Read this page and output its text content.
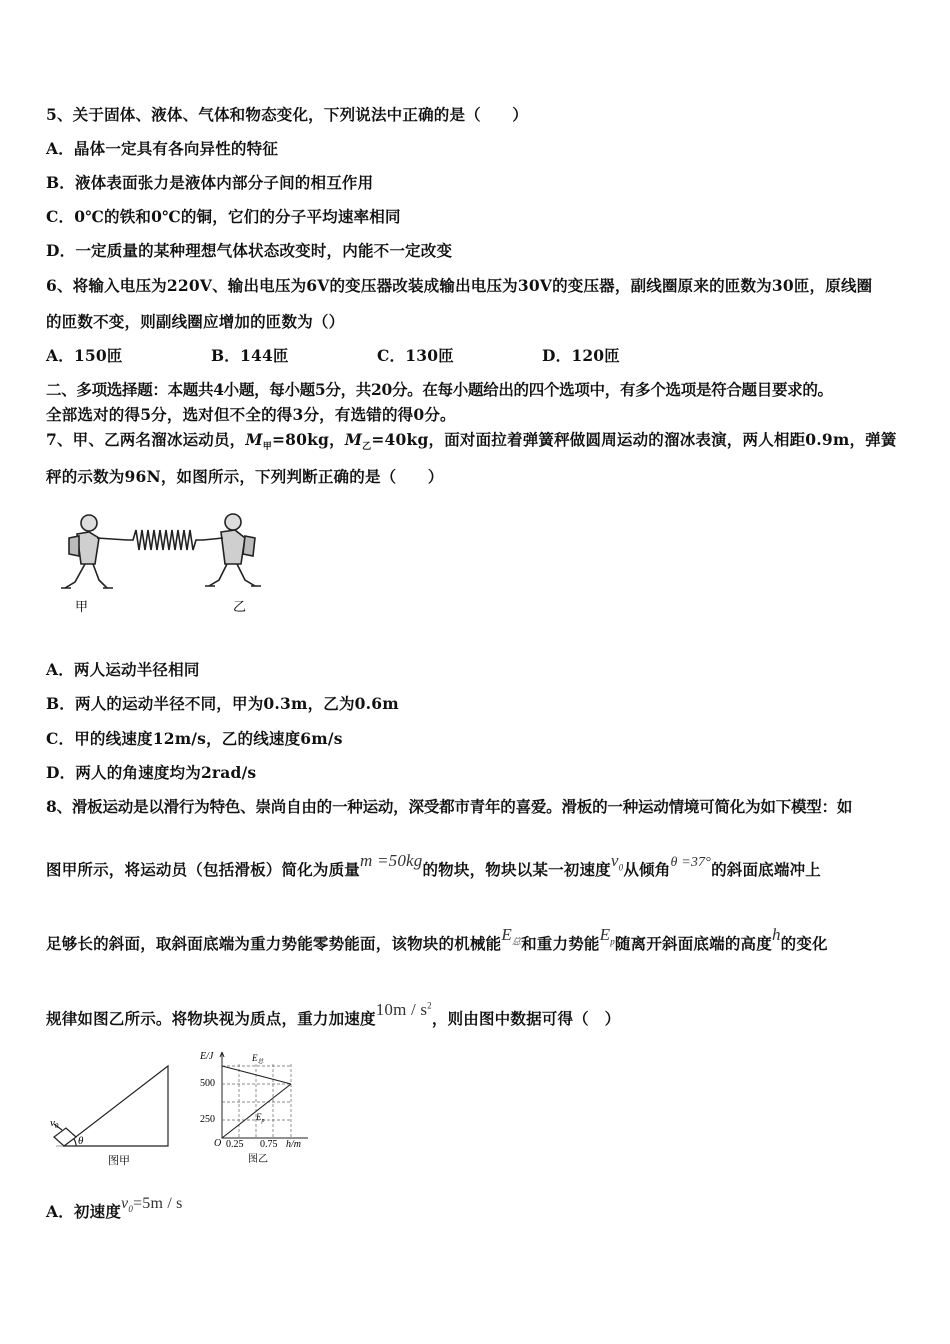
5、关于固体、液体、气体和物态变化，下列说法中正确的是（　　）
A．晶体一定具有各向异性的特征
B．液体表面张力是液体内部分子间的相互作用
C．0℃的铁和0℃的铜，它们的分子平均速率相同
D．一定质量的某种理想气体状态改变时，内能不一定改变
6、将输入电压为220V、输出电压为6V的变压器改装成输出电压为30V的变压器，副线圈原来的匝数为30匝，原线圈
的匝数不变，则副线圈应增加的匝数为（）
A．150匝	B．144匝	C．130匝	D．120匝
二、多项选择题：本题共4小题，每小题5分，共20分。在每小题给出的四个选项中，有多个选项是符合题目要求的。
全部选对的得5分，选对但不全的得3分，有选错的得0分。
7、甲、乙两名溜冰运动员，$M_甲=80kg$，$M_乙=40kg$，面对面拉着弹簧秤做圆周运动的溜冰表演，两人相距0.9m，弹簧
秤的示数为96N，如图所示，下列判断正确的是（　　）
甲	乙
A．两人运动半径相同
B．两人的运动半径不同，甲为0.3m，乙为0.6m
C．甲的线速度12m/s，乙的线速度6m/s
D．两人的角速度均为2rad/s
8、滑板运动是以滑行为特色、崇尚自由的一种运动，深受都市青年的喜爱。滑板的一种运动情境可简化为如下模型：如
图甲所示，将运动员（包括滑板）简化为质量m =50kg的物块，物块以某一初速度$v_0$从倾角θ =37°的斜面底端冲上
足够长的斜面，取斜面底端为重力势能零势能面，该物块的机械能$E_总$和重力势能$E_p$随离开斜面底端的高度h的变化
规律如图乙所示。将物块视为质点，重力加速度$10m / s^2$，则由图中数据可得（　）
v0
θ
图甲
E/J
500
250
O 0.25 0.75 h/m
$E_总$
$E_p$
图乙
A．初速度$v_0=5m / s$
